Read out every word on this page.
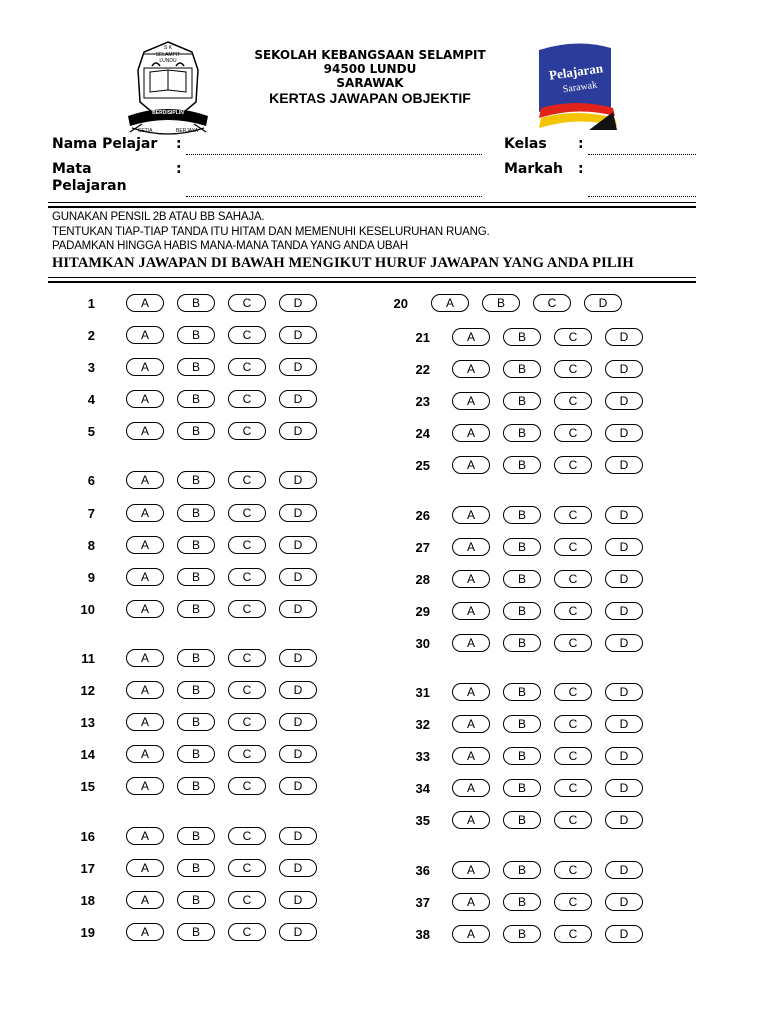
S K
SELAMPIT
LUNDU
BERDISIPLIN
SETIA	BERJAYA
SEKOLAH KEBANGSAAN SELAMPIT
94500 LUNDU
SARAWAK
KERTAS JAWAPAN OBJEKTIF
Pelajaran
Sarawak
Nama Pelajar :
Mata
Pelajaran
:
Kelas :
Markah :
GUNAKAN PENSIL 2B ATAU BB SAHAJA.
TENTUKAN TIAP-TIAP TANDA ITU HITAM DAN MEMENUHI KESELURUHAN RUANG.
PADAMKAN HINGGA HABIS MANA-MANA TANDA YANG ANDA UBAH
HITAMKAN JAWAPAN DI BAWAH MENGIKUT HURUF JAWAPAN YANG ANDA PILIH
1	A	B	C	D
2	A	B	C	D
3	A	B	C	D
4	A	B	C	D
5	A	B	C	D
6	A	B	C	D
7	A	B	C	D
8	A	B	C	D
9	A	B	C	D
10	A	B	C	D
11	A	B	C	D
12	A	B	C	D
13	A	B	C	D
14	A	B	C	D
15	A	B	C	D
16	A	B	C	D
17	A	B	C	D
18	A	B	C	D
19	A	B	C	D
20	A	B	C	D
21	A	B	C	D
22	A	B	C	D
23	A	B	C	D
24	A	B	C	D
25	A	B	C	D
26	A	B	C	D
27	A	B	C	D
28	A	B	C	D
29	A	B	C	D
30	A	B	C	D
31	A	B	C	D
32	A	B	C	D
33	A	B	C	D
34	A	B	C	D
35	A	B	C	D
36	A	B	C	D
37	A	B	C	D
38	A	B	C	D
